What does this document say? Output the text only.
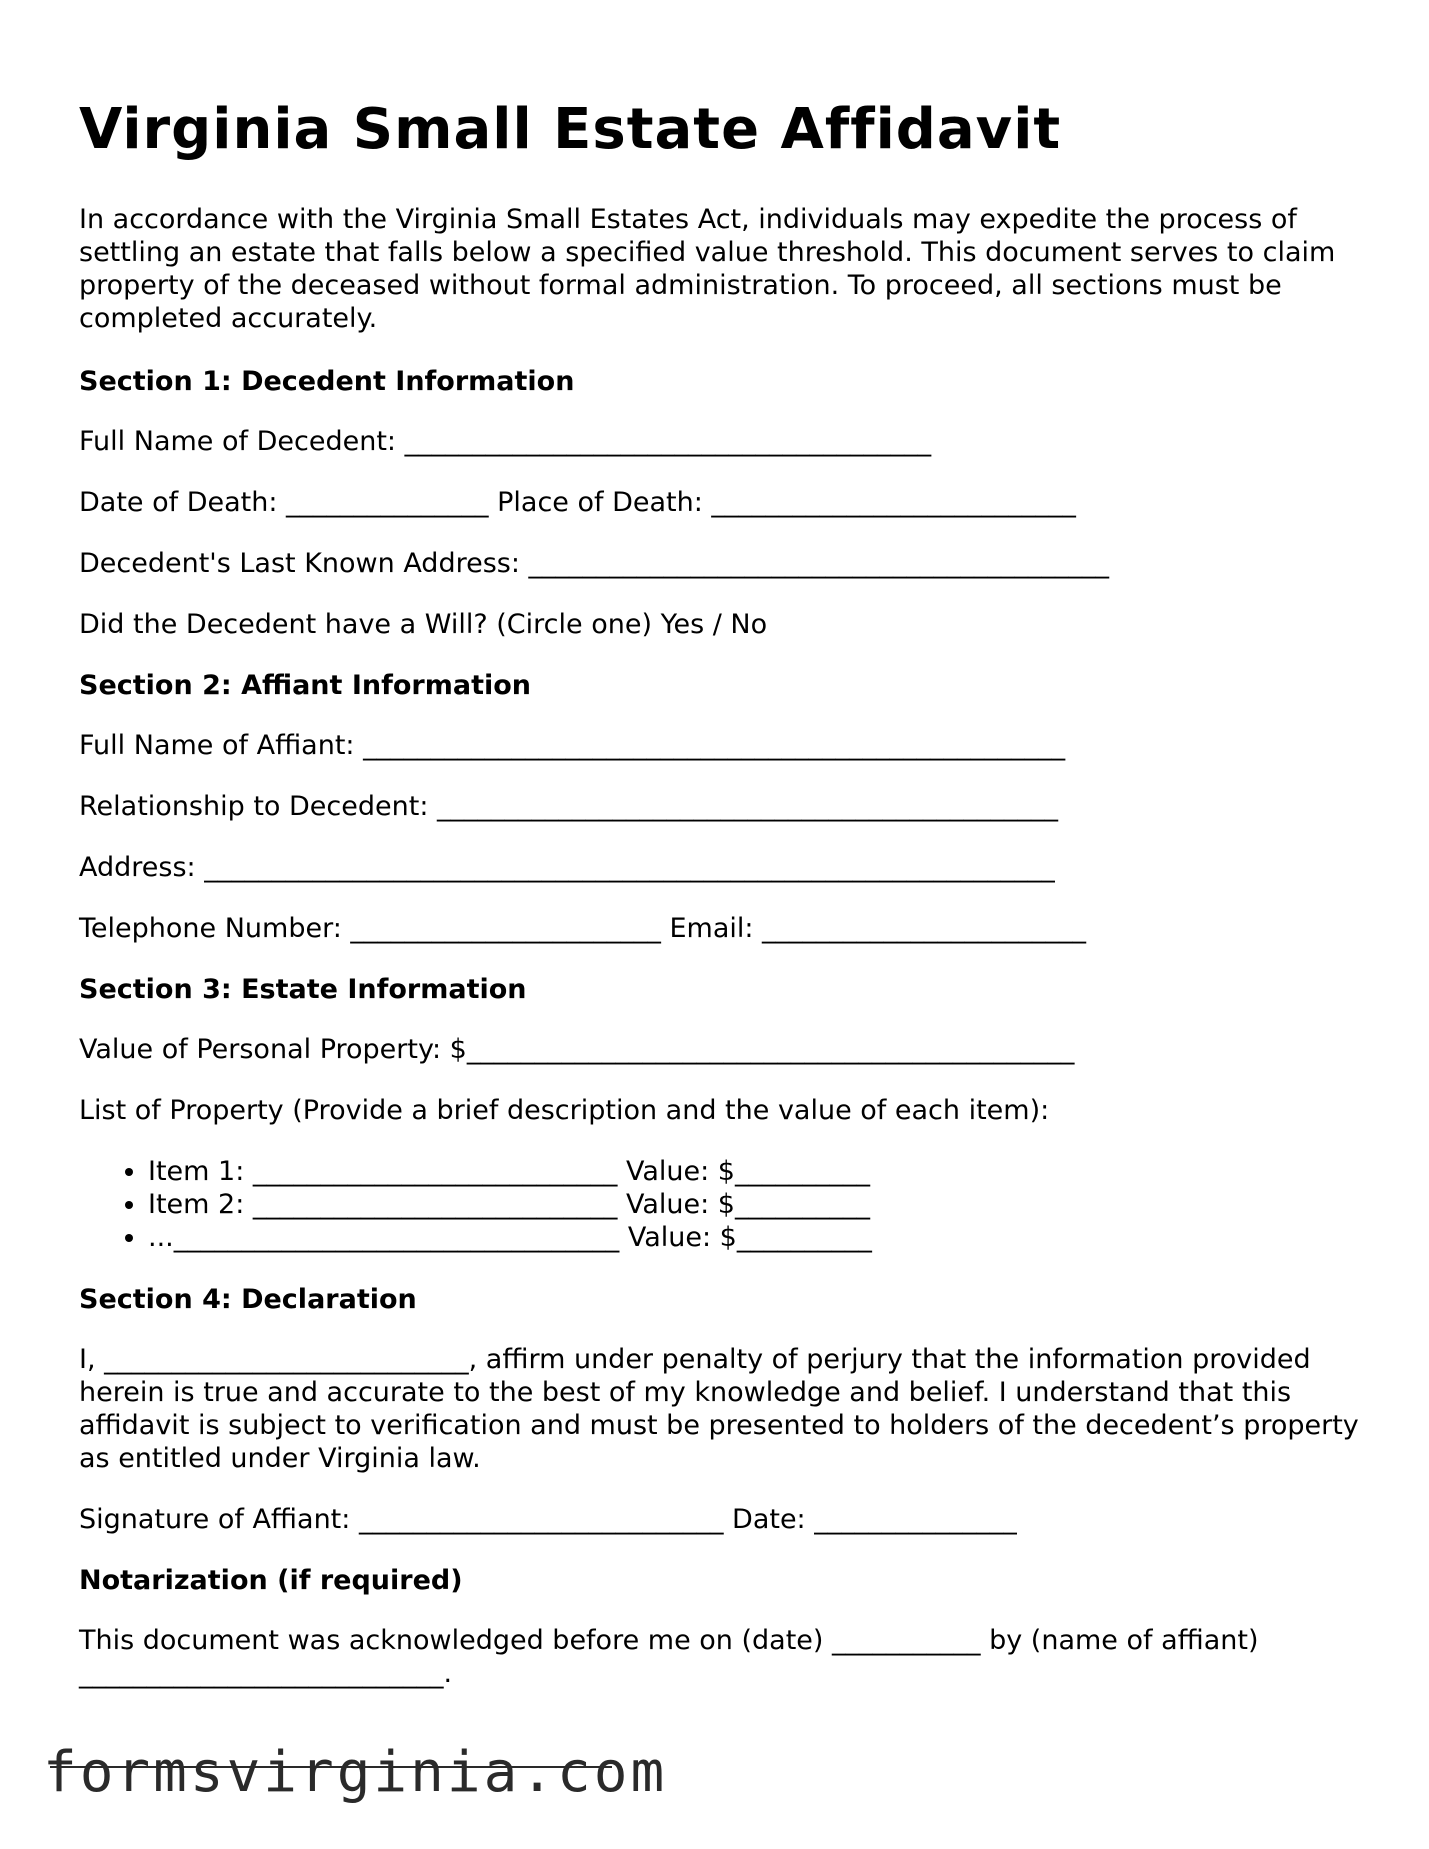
Virginia Small Estate Affidavit

In accordance with the Virginia Small Estates Act, individuals may expedite the process of settling an estate that falls below a specified value threshold. This document serves to claim property of the deceased without formal administration. To proceed, all sections must be completed accurately.

Section 1: Decedent Information

Full Name of Decedent: _______________________________________

Date of Death: _______________ Place of Death: ___________________________

Decedent's Last Known Address: ___________________________________________

Did the Decedent have a Will? (Circle one) Yes / No

Section 2: Affiant Information

Full Name of Affiant: ____________________________________________________

Relationship to Decedent: ______________________________________________

Address: _______________________________________________________________

Telephone Number: _______________________ Email: ________________________

Section 3: Estate Information

Value of Personal Property: $_____________________________________________

List of Property (Provide a brief description and the value of each item):

• Item 1: ___________________________ Value: $__________
• Item 2: ___________________________ Value: $__________
• ..._________________________________ Value: $__________
Section 4: Declaration

I, ___________________________, affirm under penalty of perjury that the information provided herein is true and accurate to the best of my knowledge and belief. I understand that this affidavit is subject to verification and must be presented to holders of the decedent’s property as entitled under Virginia law.

Signature of Affiant: ___________________________ Date: _______________

Notarization (if required)

This document was acknowledged before me on (date) ___________ by (name of affiant) ___________________________.

formsvirginia.com
